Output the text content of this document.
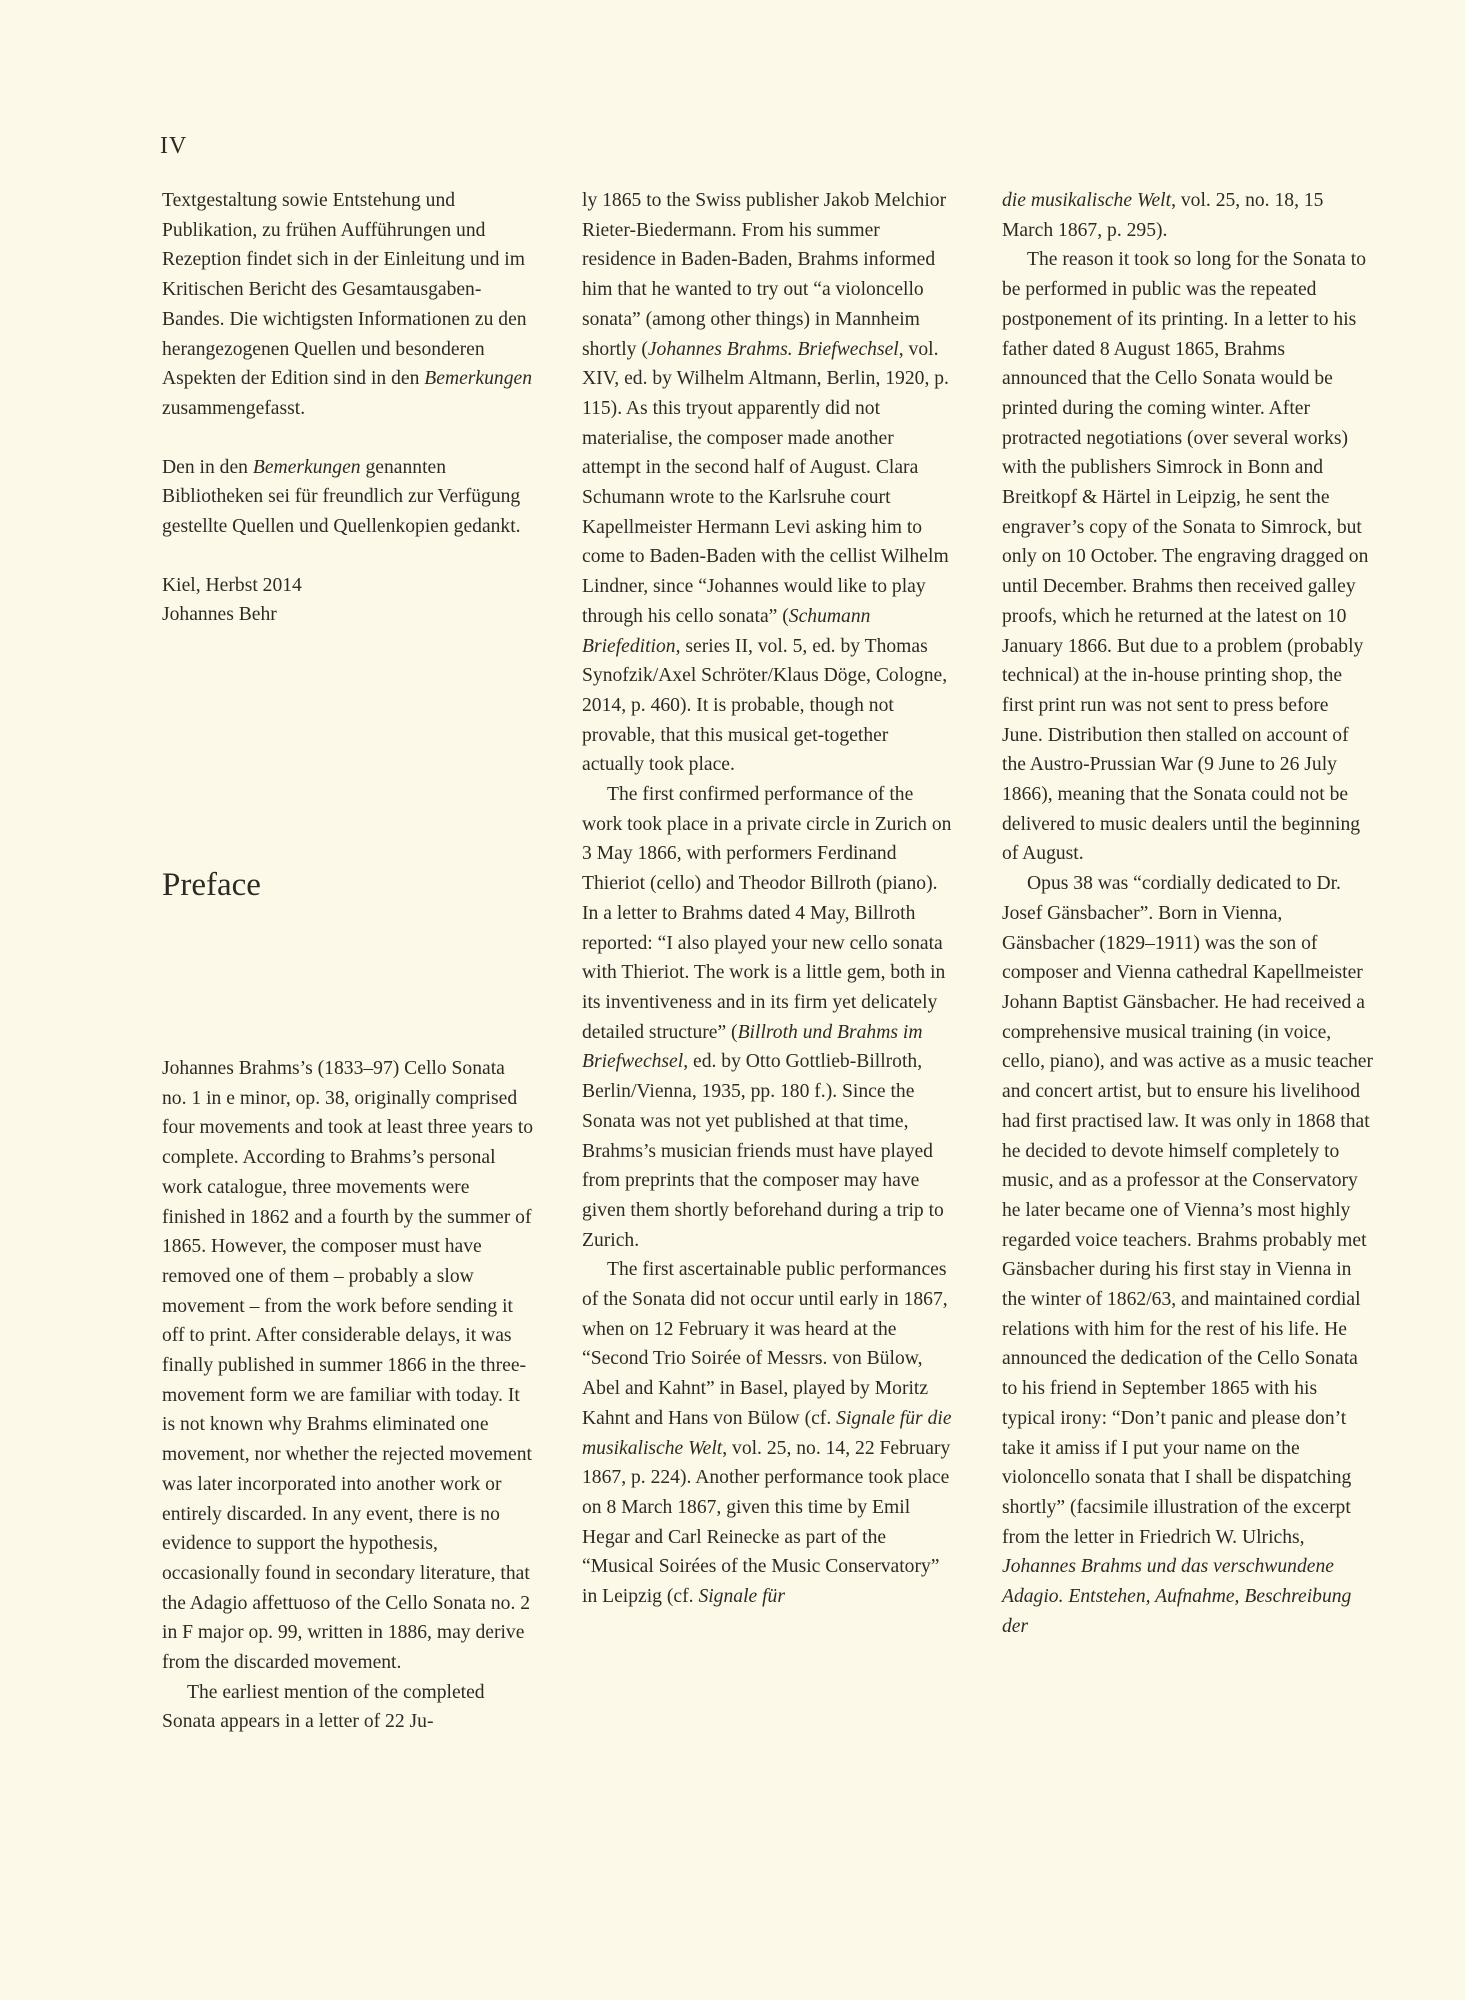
IV

Textgestaltung sowie Entstehung und Publikation, zu frühen Aufführungen und Rezeption findet sich in der Einleitung und im Kritischen Bericht des Gesamtausgaben-Bandes. Die wichtigsten Informationen zu den herangezogenen Quellen und besonderen Aspekten der Edition sind in den Bemerkungen zusammengefasst.

Den in den Bemerkungen genannten Bibliotheken sei für freundlich zur Verfügung gestellte Quellen und Quellenkopien gedankt.

Kiel, Herbst 2014

Johannes Behr

Preface

Johannes Brahms’s (1833–97) Cello Sonata no. 1 in e minor, op. 38, originally comprised four movements and took at least three years to complete. According to Brahms’s personal work catalogue, three movements were finished in 1862 and a fourth by the summer of 1865. However, the composer must have removed one of them – probably a slow movement – from the work before sending it off to print. After considerable delays, it was finally published in summer 1866 in the three-movement form we are familiar with today. It is not known why Brahms eliminated one movement, nor whether the rejected movement was later incorporated into another work or entirely discarded. In any event, there is no evidence to support the hypothesis, occasionally found in secondary literature, that the Adagio affettuoso of the Cello Sonata no. 2 in F major op. 99, written in 1886, may derive from the discarded movement.

The earliest mention of the completed Sonata appears in a letter of 22 Ju-

ly 1865 to the Swiss publisher Jakob Melchior Rieter-Biedermann. From his summer residence in Baden-Baden, Brahms informed him that he wanted to try out “a violoncello sonata” (among other things) in Mannheim shortly (Johannes Brahms. Briefwechsel, vol. XIV, ed. by Wilhelm Altmann, Berlin, 1920, p. 115). As this tryout apparently did not materialise, the composer made another attempt in the second half of August. Clara Schumann wrote to the Karlsruhe court Kapellmeister Hermann Levi asking him to come to Baden-Baden with the cellist Wilhelm Lindner, since “Johannes would like to play through his cello sonata” (Schumann Briefedition, series II, vol. 5, ed. by Thomas Synofzik/Axel Schröter/Klaus Döge, Cologne, 2014, p. 460). It is probable, though not provable, that this musical get-together actually took place.

The first confirmed performance of the work took place in a private circle in Zurich on 3 May 1866, with performers Ferdinand Thieriot (cello) and Theodor Billroth (piano). In a letter to Brahms dated 4 May, Billroth reported: “I also played your new cello sonata with Thieriot. The work is a little gem, both in its inventiveness and in its firm yet delicately detailed structure” (Billroth und Brahms im Briefwechsel, ed. by Otto Gottlieb-Billroth, Berlin/Vienna, 1935, pp. 180 f.). Since the Sonata was not yet published at that time, Brahms’s musician friends must have played from preprints that the composer may have given them shortly beforehand during a trip to Zurich.

The first ascertainable public performances of the Sonata did not occur until early in 1867, when on 12 February it was heard at the “Second Trio Soirée of Messrs. von Bülow, Abel and Kahnt” in Basel, played by Moritz Kahnt and Hans von Bülow (cf. Signale für die musikalische Welt, vol. 25, no. 14, 22 February 1867, p. 224). Another performance took place on 8 March 1867, given this time by Emil Hegar and Carl Reinecke as part of the “Musical Soirées of the Music Conservatory” in Leipzig (cf. Signale für

die musikalische Welt, vol. 25, no. 18, 15 March 1867, p. 295).

The reason it took so long for the Sonata to be performed in public was the repeated postponement of its printing. In a letter to his father dated 8 August 1865, Brahms announced that the Cello Sonata would be printed during the coming winter. After protracted negotiations (over several works) with the publishers Simrock in Bonn and Breitkopf & Härtel in Leipzig, he sent the engraver’s copy of the Sonata to Simrock, but only on 10 October. The engraving dragged on until December. Brahms then received galley proofs, which he returned at the latest on 10 January 1866. But due to a problem (probably technical) at the in-house printing shop, the first print run was not sent to press before June. Distribution then stalled on account of the Austro-Prussian War (9 June to 26 July 1866), meaning that the Sonata could not be delivered to music dealers until the beginning of August.

Opus 38 was “cordially dedicated to Dr. Josef Gänsbacher”. Born in Vienna, Gänsbacher (1829–1911) was the son of composer and Vienna cathedral Kapellmeister Johann Baptist Gänsbacher. He had received a comprehensive musical training (in voice, cello, piano), and was active as a music teacher and concert artist, but to ensure his livelihood had first practised law. It was only in 1868 that he decided to devote himself completely to music, and as a professor at the Conservatory he later became one of Vienna’s most highly regarded voice teachers. Brahms probably met Gänsbacher during his first stay in Vienna in the winter of 1862/63, and maintained cordial relations with him for the rest of his life. He announced the dedication of the Cello Sonata to his friend in September 1865 with his typical irony: “Don’t panic and please don’t take it amiss if I put your name on the violoncello sonata that I shall be dispatching shortly” (facsimile illustration of the excerpt from the letter in Friedrich W. Ulrichs, Johannes Brahms und das verschwundene Adagio. Entstehen, Aufnahme, Beschreibung der
